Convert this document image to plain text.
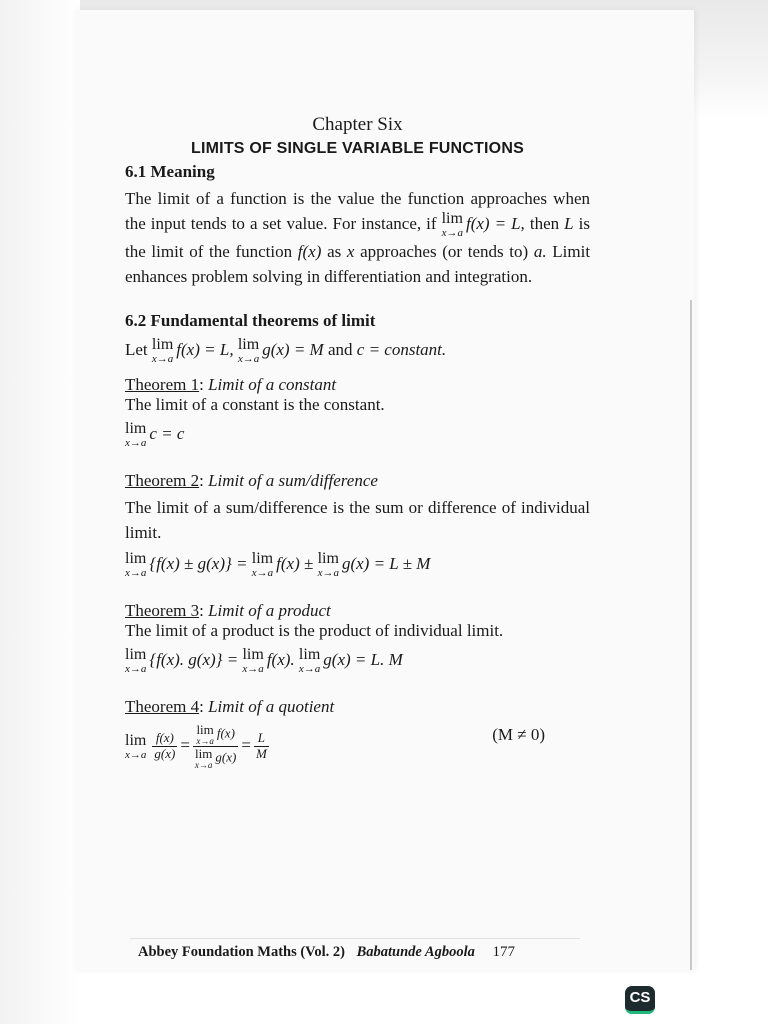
Chapter Six
LIMITS OF SINGLE VARIABLE FUNCTIONS

6.1 Meaning

The limit of a function is the value the function approaches when the input tends to a set value. For instance, if lim
x→a
f(x) = L, then L is the limit of the function f(x) as x approaches (or tends to) a. Limit enhances problem solving in differentiation and integration.

6.2 Fundamental theorems of limit

Let lim
x→a
f(x) = L, lim
x→a
g(x) = M and c = constant.

Theorem 1: Limit of a constant

The limit of a constant is the constant.

lim
x→a
c = c

Theorem 2: Limit of a sum/difference

The limit of a sum/difference is the sum or difference of individual limit.

lim
x→a
{f(x) ± g(x)} = lim
x→a
f(x) ± lim
x→a
g(x) = L ± M

Theorem 3: Limit of a product

The limit of a product is the product of individual limit.

lim
x→a
{f(x). g(x)} = lim
x→a
f(x). lim
x→a
g(x) = L. M

Theorem 4: Limit of a quotient

lim
$x\to a \frac{f(x)}{g(x)} = \lim$
x→a
f(x)
lim
x→a
$g(x) = \frac{L}{M}$	(M ≠ 0)
Abbey Foundation Maths (Vol. 2) Babatunde Agboola 177
CS
